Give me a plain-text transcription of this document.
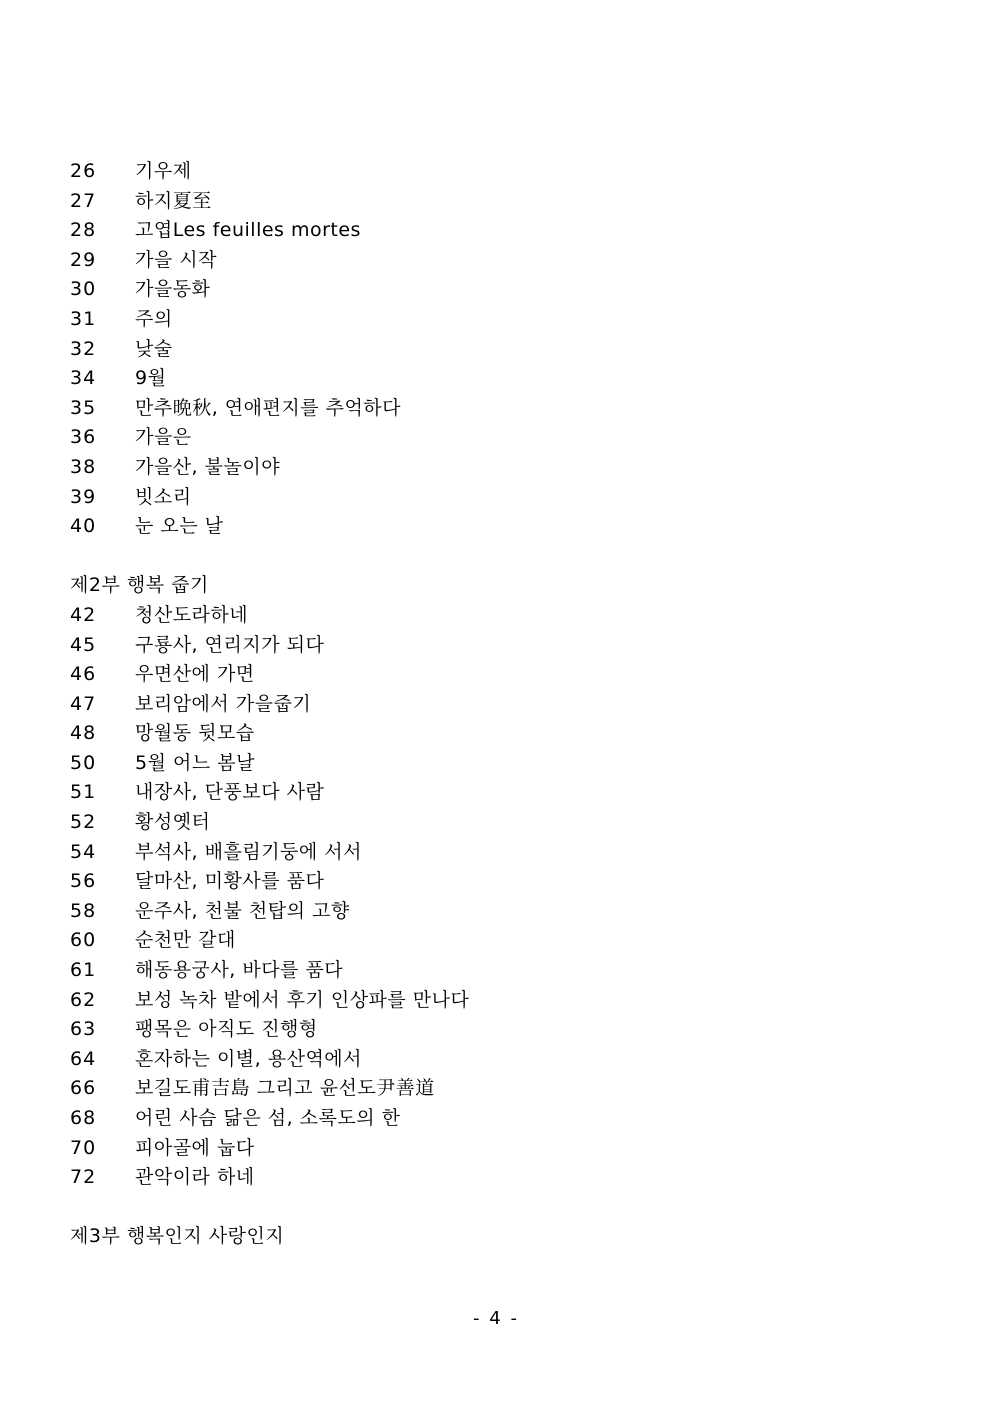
26 기우제
27 하지夏至
28 고엽Les feuilles mortes
29 가을 시작
30 가을동화
31 주의
32 낮술
34 9월
35 만추晩秋, 연애편지를 추억하다
36 가을은
38 가을산, 불놀이야
39 빗소리
40 눈 오는 날
제2부 행복 줍기
42 청산도라하네
45 구룡사, 연리지가 되다
46 우면산에 가면
47 보리암에서 가을줍기
48 망월동 뒷모습
50 5월 어느 봄날
51 내장사, 단풍보다 사람
52 황성옛터
54 부석사, 배흘림기둥에 서서
56 달마산, 미황사를 품다
58 운주사, 천불 천탑의 고향
60 순천만 갈대
61 해동용궁사, 바다를 품다
62 보성 녹차 밭에서 후기 인상파를 만나다
63 팽목은 아직도 진행형
64 혼자하는 이별, 용산역에서
66 보길도甫吉島 그리고 윤선도尹善道
68 어린 사슴 닮은 섬, 소록도의 한
70 피아골에 눕다
72 관악이라 하네
제3부 행복인지 사랑인지
- 4 -
